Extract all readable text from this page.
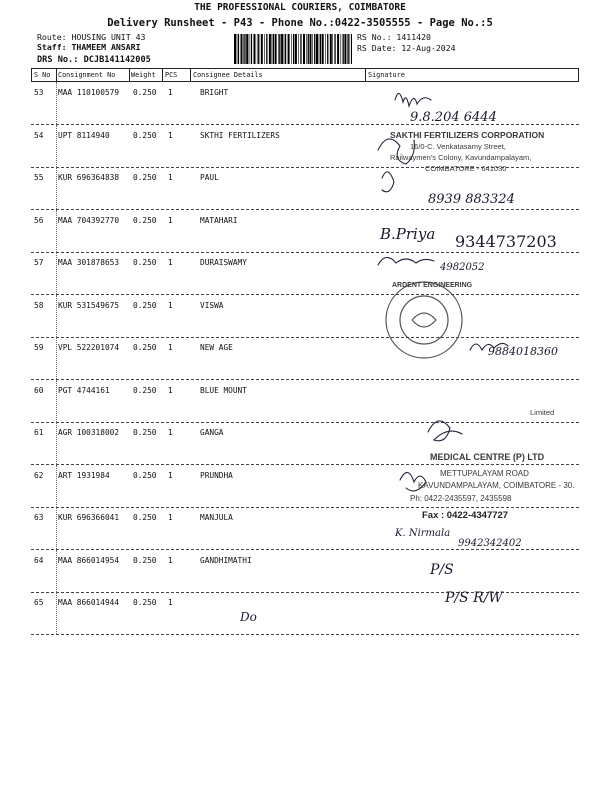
THE PROFESSIONAL COURIERS, COIMBATORE
Delivery Runsheet - P43 - Phone No.:0422-3505555 - Page No.:5
Route: HOUSING UNIT 43
Staff: THAMEEM ANSARI
DRS No.: DCJB141142005
RS No.: 1411420
RS Date: 12-Aug-2024
S No Consignment No Weight PCS Consignee Details	Signature
53 MAA 110100579 0.250 1	BRIGHT
54 UPT 8114940	0.250 1	SKTHI FERTILIZERS
55 KUR 696364838 0.250 1	PAUL
56 MAA 704392770 0.250 1	MATAHARI
57 MAA 301878653 0.250 1	DURAISWAMY
58 KUR 531549675 0.250 1	VISWA
59 VPL 522201074 0.250 1	NEW AGE
60 PGT 4744161	0.250 1	BLUE MOUNT
61 AGR 100318002 0.250 1	GANGA
62 ART 1931984	0.250 1	PRUNDHA
63 KUR 696366041 0.250 1	MANJULA
64 MAA 866014954 0.250 1	GANDHIMATHI
65 MAA 866014944 0.250 1
9.8.204 6444
8939 883324
B.Priya 9344737203
4982052
9884018360
K. Nirmala
9942342402
P/S
P/S R/W
Do
SAKTHI FERTILIZERS CORPORATION
16/0-C. Venkatasamy Street,
Railwaymen's Colony, Kavundampalayam,
COIMBATORE - 641030
ARDENT ENGINEERING
Limited
MEDICAL CENTRE (P) LTD
METTUPALAYAM ROAD
KAVUNDAMPALAYAM, COIMBATORE - 30.
Ph: 0422-2435597, 2435598
Fax : 0422-4347727
